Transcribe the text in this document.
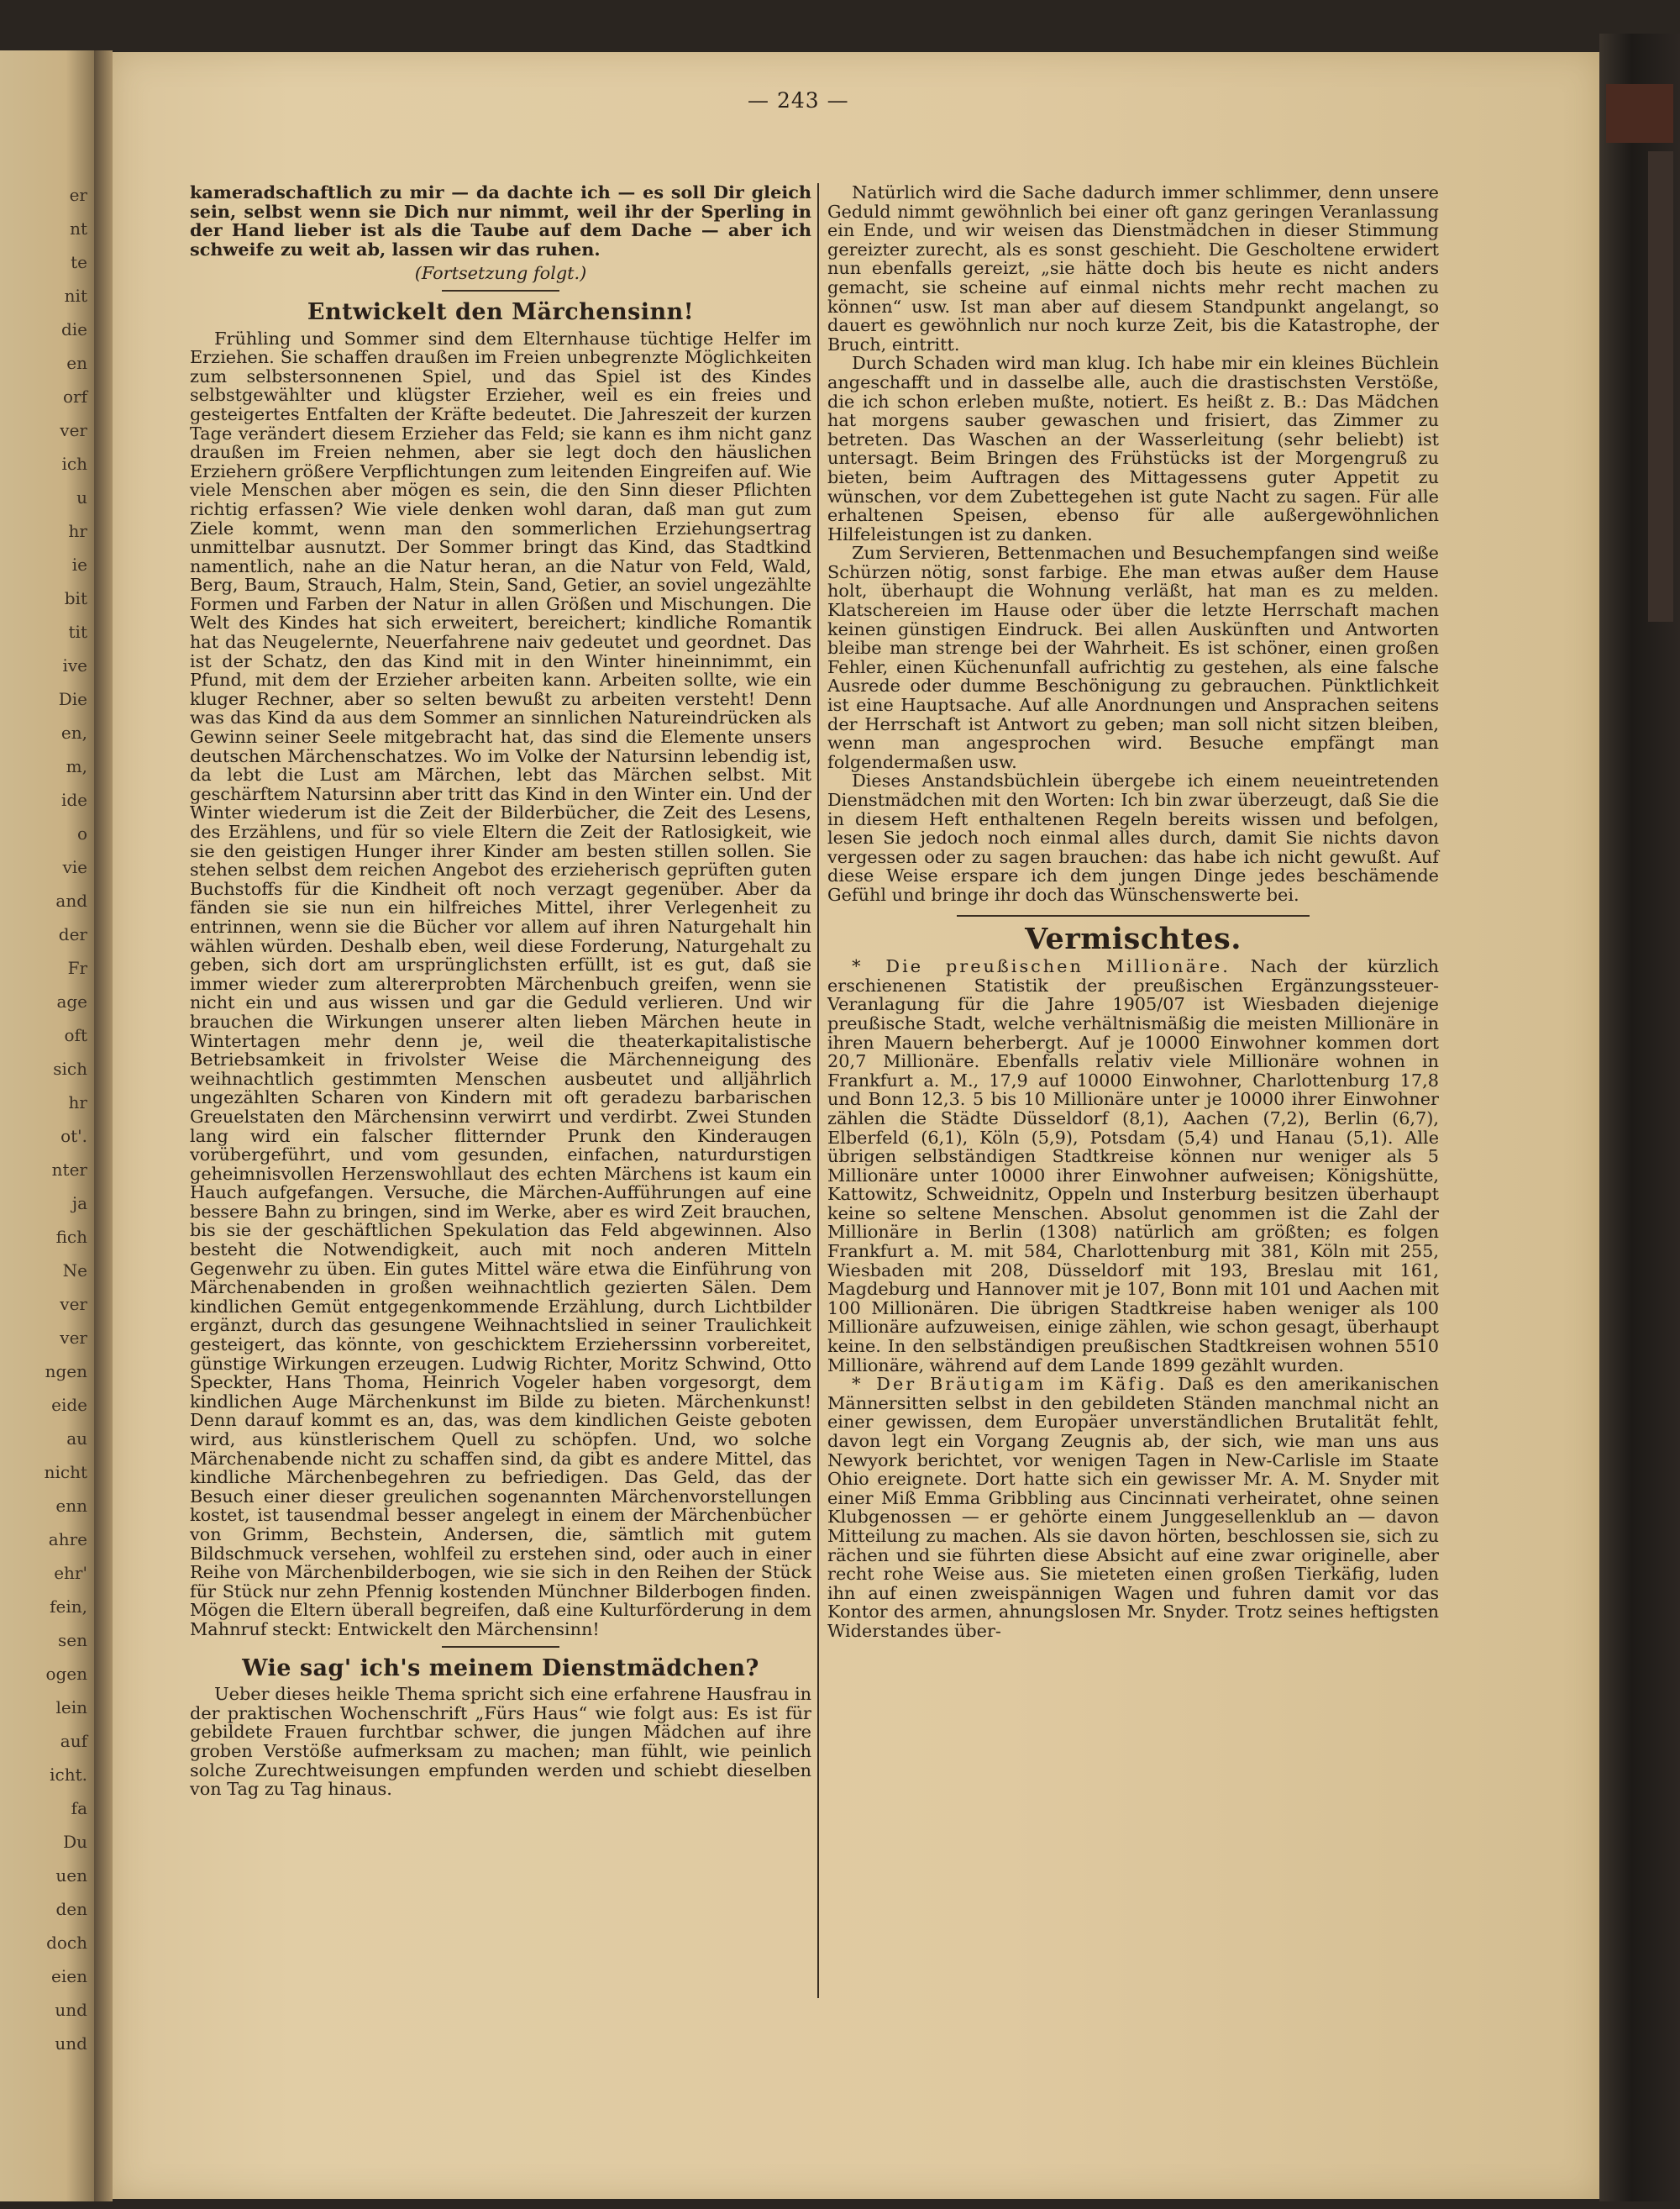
er
nt
te
nit
die
en
orf
ver
ich
u
hr
ie
bit
tit
ive
Die
en,
m,
ide
o
vie
and
der
Fr
age
oft
sich
hr
ot'.
nter
ja
fich
Ne
ver
ver
ngen
eide
au
nicht
enn
ahre
ehr'
fein,
sen
ogen
lein
auf
icht.
fa
Du
uen
den
doch
eien
und
und
— 243 —

kameradschaftlich zu mir — da dachte ich — es soll Dir gleich sein, selbst wenn sie Dich nur nimmt, weil ihr der Sperling in der Hand lieber ist als die Taube auf dem Dache — aber ich schweife zu weit ab, lassen wir das ruhen.

(Fortsetzung folgt.)
Entwickelt den Märchensinn!

Frühling und Sommer sind dem Elternhause tüchtige Helfer im Erziehen. Sie schaffen draußen im Freien unbegrenzte Möglichkeiten zum selbstersonnenen Spiel, und das Spiel ist des Kindes selbstgewählter und klügster Erzieher, weil es ein freies und gesteigertes Entfalten der Kräfte bedeutet. Die Jahreszeit der kurzen Tage verändert diesem Erzieher das Feld; sie kann es ihm nicht ganz draußen im Freien nehmen, aber sie legt doch den häuslichen Erziehern größere Verpflichtungen zum leitenden Eingreifen auf. Wie viele Menschen aber mögen es sein, die den Sinn dieser Pflichten richtig erfassen? Wie viele denken wohl daran, daß man gut zum Ziele kommt, wenn man den sommerlichen Erziehungsertrag unmittelbar ausnutzt. Der Sommer bringt das Kind, das Stadtkind namentlich, nahe an die Natur heran, an die Natur von Feld, Wald, Berg, Baum, Strauch, Halm, Stein, Sand, Getier, an soviel ungezählte Formen und Farben der Natur in allen Größen und Mischungen. Die Welt des Kindes hat sich erweitert, bereichert; kindliche Romantik hat das Neugelernte, Neuerfahrene naiv gedeutet und geordnet. Das ist der Schatz, den das Kind mit in den Winter hineinnimmt, ein Pfund, mit dem der Erzieher arbeiten kann. Arbeiten sollte, wie ein kluger Rechner, aber so selten bewußt zu arbeiten versteht! Denn was das Kind da aus dem Sommer an sinnlichen Natureindrücken als Gewinn seiner Seele mitgebracht hat, das sind die Elemente unsers deutschen Märchenschatzes. Wo im Volke der Natursinn lebendig ist, da lebt die Lust am Märchen, lebt das Märchen selbst. Mit geschärftem Natursinn aber tritt das Kind in den Winter ein. Und der Winter wiederum ist die Zeit der Bilderbücher, die Zeit des Lesens, des Erzählens, und für so viele Eltern die Zeit der Ratlosigkeit, wie sie den geistigen Hunger ihrer Kinder am besten stillen sollen. Sie stehen selbst dem reichen Angebot des erzieherisch geprüften guten Buchstoffs für die Kindheit oft noch verzagt gegenüber. Aber da fänden sie sie nun ein hilfreiches Mittel, ihrer Verlegenheit zu entrinnen, wenn sie die Bücher vor allem auf ihren Naturgehalt hin wählen würden. Deshalb eben, weil diese Forderung, Naturgehalt zu geben, sich dort am ursprünglichsten erfüllt, ist es gut, daß sie immer wieder zum altererprobten Märchenbuch greifen, wenn sie nicht ein und aus wissen und gar die Geduld verlieren. Und wir brauchen die Wirkungen unserer alten lieben Märchen heute in Wintertagen mehr denn je, weil die theaterkapitalistische Betriebsamkeit in frivolster Weise die Märchenneigung des weihnachtlich gestimmten Menschen ausbeutet und alljährlich ungezählten Scharen von Kindern mit oft geradezu barbarischen Greuelstaten den Märchensinn verwirrt und verdirbt. Zwei Stunden lang wird ein falscher flitternder Prunk den Kinderaugen vorübergeführt, und vom gesunden, einfachen, naturdurstigen geheimnisvollen Herzenswohllaut des echten Märchens ist kaum ein Hauch aufgefangen. Versuche, die Märchen-Aufführungen auf eine bessere Bahn zu bringen, sind im Werke, aber es wird Zeit brauchen, bis sie der geschäftlichen Spekulation das Feld abgewinnen. Also besteht die Notwendigkeit, auch mit noch anderen Mitteln Gegenwehr zu üben. Ein gutes Mittel wäre etwa die Einführung von Märchenabenden in großen weihnachtlich gezierten Sälen. Dem kindlichen Gemüt entgegenkommende Erzählung, durch Lichtbilder ergänzt, durch das gesungene Weihnachtslied in seiner Traulichkeit gesteigert, das könnte, von geschicktem Erzieherssinn vorbereitet, günstige Wirkungen erzeugen. Ludwig Richter, Moritz Schwind, Otto Speckter, Hans Thoma, Heinrich Vogeler haben vorgesorgt, dem kindlichen Auge Märchenkunst im Bilde zu bieten. Märchenkunst! Denn darauf kommt es an, das, was dem kindlichen Geiste geboten wird, aus künstlerischem Quell zu schöpfen. Und, wo solche Märchenabende nicht zu schaffen sind, da gibt es andere Mittel, das kindliche Märchenbegehren zu befriedigen. Das Geld, das der Besuch einer dieser greulichen sogenannten Märchenvorstellungen kostet, ist tausendmal besser angelegt in einem der Märchenbücher von Grimm, Bechstein, Andersen, die, sämtlich mit gutem Bildschmuck versehen, wohlfeil zu erstehen sind, oder auch in einer Reihe von Märchenbilderbogen, wie sie sich in den Reihen der Stück für Stück nur zehn Pfennig kostenden Münchner Bilderbogen finden. Mögen die Eltern überall begreifen, daß eine Kulturförderung in dem Mahnruf steckt: Entwickelt den Märchensinn!

Wie sag' ich's meinem Dienstmädchen?

Ueber dieses heikle Thema spricht sich eine erfahrene Hausfrau in der praktischen Wochenschrift „Fürs Haus“ wie folgt aus: Es ist für gebildete Frauen furchtbar schwer, die jungen Mädchen auf ihre groben Verstöße aufmerksam zu machen; man fühlt, wie peinlich solche Zurechtweisungen empfunden werden und schiebt dieselben von Tag zu Tag hinaus.

Natürlich wird die Sache dadurch immer schlimmer, denn unsere Geduld nimmt gewöhnlich bei einer oft ganz geringen Veranlassung ein Ende, und wir weisen das Dienstmädchen in dieser Stimmung gereizter zurecht, als es sonst geschieht. Die Gescholtene erwidert nun ebenfalls gereizt, „sie hätte doch bis heute es nicht anders gemacht, sie scheine auf einmal nichts mehr recht machen zu können“ usw. Ist man aber auf diesem Standpunkt angelangt, so dauert es gewöhnlich nur noch kurze Zeit, bis die Katastrophe, der Bruch, eintritt.

Durch Schaden wird man klug. Ich habe mir ein kleines Büchlein angeschafft und in dasselbe alle, auch die drastischsten Verstöße, die ich schon erleben mußte, notiert. Es heißt z. B.: Das Mädchen hat morgens sauber gewaschen und frisiert, das Zimmer zu betreten. Das Waschen an der Wasserleitung (sehr beliebt) ist untersagt. Beim Bringen des Frühstücks ist der Morgengruß zu bieten, beim Auftragen des Mittagessens guter Appetit zu wünschen, vor dem Zubettegehen ist gute Nacht zu sagen. Für alle erhaltenen Speisen, ebenso für alle außergewöhnlichen Hilfeleistungen ist zu danken.

Zum Servieren, Bettenmachen und Besuchempfangen sind weiße Schürzen nötig, sonst farbige. Ehe man etwas außer dem Hause holt, überhaupt die Wohnung verläßt, hat man es zu melden. Klatschereien im Hause oder über die letzte Herrschaft machen keinen günstigen Eindruck. Bei allen Auskünften und Antworten bleibe man strenge bei der Wahrheit. Es ist schöner, einen großen Fehler, einen Küchenunfall aufrichtig zu gestehen, als eine falsche Ausrede oder dumme Beschönigung zu gebrauchen. Pünktlichkeit ist eine Hauptsache. Auf alle Anordnungen und Ansprachen seitens der Herrschaft ist Antwort zu geben; man soll nicht sitzen bleiben, wenn man angesprochen wird. Besuche empfängt man folgendermaßen usw.

Dieses Anstandsbüchlein übergebe ich einem neueintretenden Dienstmädchen mit den Worten: Ich bin zwar überzeugt, daß Sie die in diesem Heft enthaltenen Regeln bereits wissen und befolgen, lesen Sie jedoch noch einmal alles durch, damit Sie nichts davon vergessen oder zu sagen brauchen: das habe ich nicht gewußt. Auf diese Weise erspare ich dem jungen Dinge jedes beschämende Gefühl und bringe ihr doch das Wünschenswerte bei.

Vermischtes.

* Die preußischen Millionäre. Nach der kürzlich erschienenen Statistik der preußischen Ergänzungssteuer-Veranlagung für die Jahre 1905/07 ist Wiesbaden diejenige preußische Stadt, welche verhältnismäßig die meisten Millionäre in ihren Mauern beherbergt. Auf je 10000 Einwohner kommen dort 20,7 Millionäre. Ebenfalls relativ viele Millionäre wohnen in Frankfurt a. M., 17,9 auf 10000 Einwohner, Charlottenburg 17,8 und Bonn 12,3. 5 bis 10 Millionäre unter je 10000 ihrer Einwohner zählen die Städte Düsseldorf (8,1), Aachen (7,2), Berlin (6,7), Elberfeld (6,1), Köln (5,9), Potsdam (5,4) und Hanau (5,1). Alle übrigen selbständigen Stadtkreise können nur weniger als 5 Millionäre unter 10000 ihrer Einwohner aufweisen; Königshütte, Kattowitz, Schweidnitz, Oppeln und Insterburg besitzen überhaupt keine so seltene Menschen. Absolut genommen ist die Zahl der Millionäre in Berlin (1308) natürlich am größten; es folgen Frankfurt a. M. mit 584, Charlottenburg mit 381, Köln mit 255, Wiesbaden mit 208, Düsseldorf mit 193, Breslau mit 161, Magdeburg und Hannover mit je 107, Bonn mit 101 und Aachen mit 100 Millionären. Die übrigen Stadtkreise haben weniger als 100 Millionäre aufzuweisen, einige zählen, wie schon gesagt, überhaupt keine. In den selbständigen preußischen Stadtkreisen wohnen 5510 Millionäre, während auf dem Lande 1899 gezählt wurden.

* Der Bräutigam im Käfig. Daß es den amerikanischen Männersitten selbst in den gebildeten Ständen manchmal nicht an einer gewissen, dem Europäer unverständlichen Brutalität fehlt, davon legt ein Vorgang Zeugnis ab, der sich, wie man uns aus Newyork berichtet, vor wenigen Tagen in New-Carlisle im Staate Ohio ereignete. Dort hatte sich ein gewisser Mr. A. M. Snyder mit einer Miß Emma Gribbling aus Cincinnati verheiratet, ohne seinen Klubgenossen — er gehörte einem Junggesellenklub an — davon Mitteilung zu machen. Als sie davon hörten, beschlossen sie, sich zu rächen und sie führten diese Absicht auf eine zwar originelle, aber recht rohe Weise aus. Sie mieteten einen großen Tierkäfig, luden ihn auf einen zweispännigen Wagen und fuhren damit vor das Kontor des armen, ahnungslosen Mr. Snyder. Trotz seines heftigsten Widerstandes über-
